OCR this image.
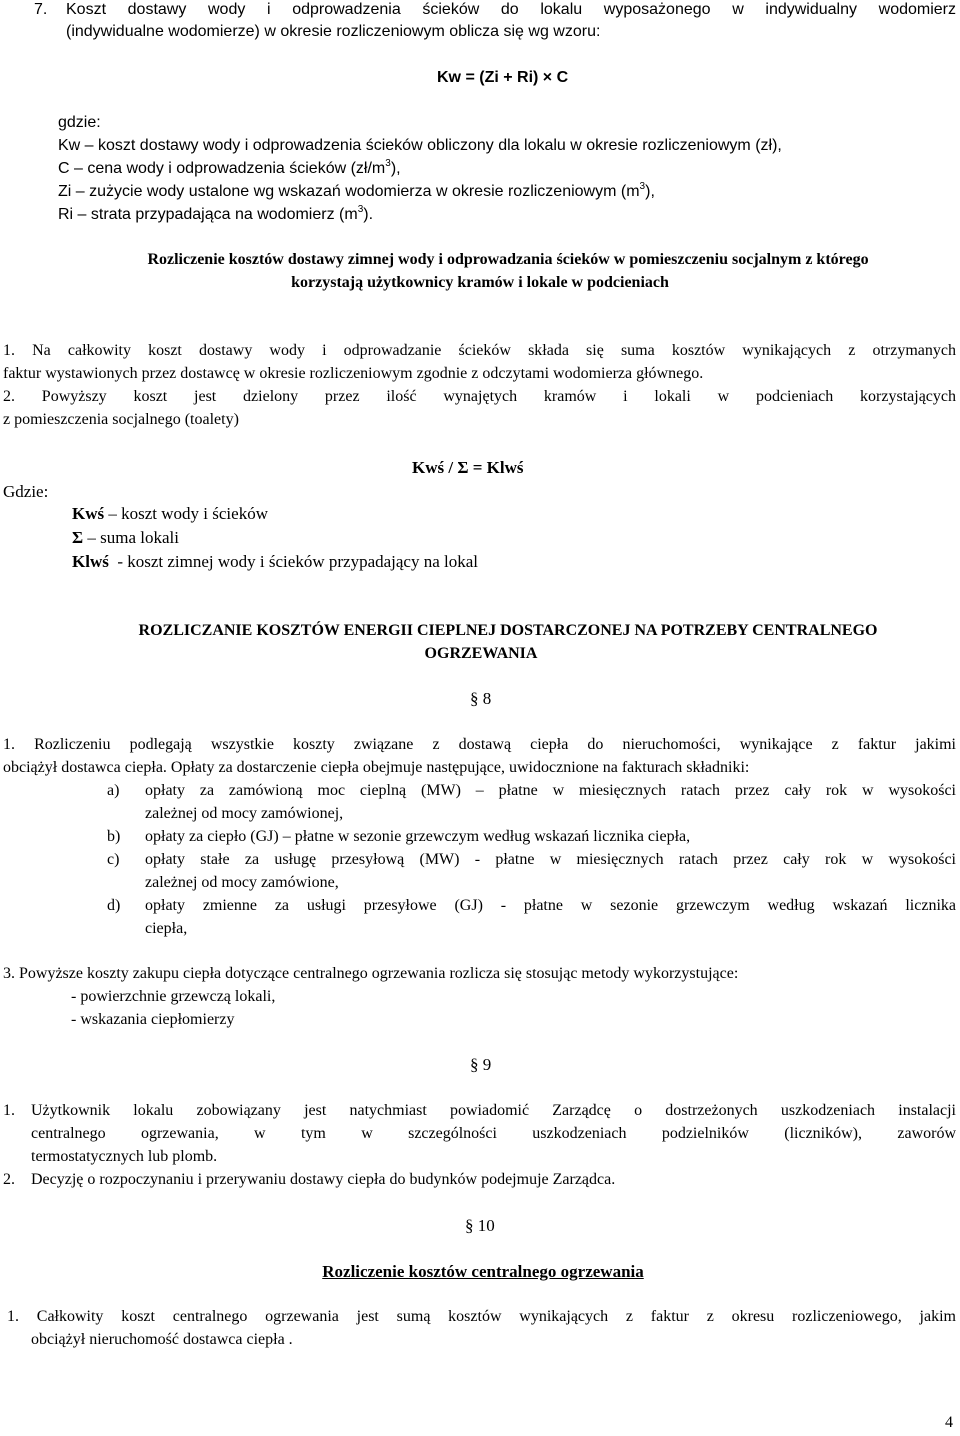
7. Koszt dostawy wody i odprowadzenia ścieków do lokalu wyposażonego w indywidualny wodomierz
(indywidualne wodomierze) w okresie rozliczeniowym oblicza się wg wzoru:
Kw = (Zi + Ri) × C
gdzie:
Kw – koszt dostawy wody i odprowadzenia ścieków obliczony dla lokalu w okresie rozliczeniowym (zł),
C – cena wody i odprowadzenia ścieków $(zł/m^3)$,
Zi – zużycie wody ustalone wg wskazań wodomierza w okresie rozliczeniowym $(m^3)$,
Ri – strata przypadająca na wodomierz $(m^3)$.
Rozliczenie kosztów dostawy zimnej wody i odprowadzania ścieków w pomieszczeniu socjalnym z którego
korzystają użytkownicy kramów i lokale w podcieniach
1. Na całkowity koszt dostawy wody i odprowadzanie ścieków składa się suma kosztów wynikających z otrzymanych
faktur wystawionych przez dostawcę w okresie rozliczeniowym zgodnie z odczytami wodomierza głównego.
2. Powyższy koszt jest dzielony przez ilość wynajętych kramów i lokali w podcieniach korzystających
z pomieszczenia socjalnego (toalety)
Kwś / Σ = Klwś
Gdzie:
Kwś – koszt wody i ścieków
Σ – suma lokali
Klwś - koszt zimnej wody i ścieków przypadający na lokal
ROZLICZANIE KOSZTÓW ENERGII CIEPLNEJ DOSTARCZONEJ NA POTRZEBY CENTRALNEGO
OGRZEWANIA
§ 8
1. Rozliczeniu podlegają wszystkie koszty związane z dostawą ciepła do nieruchomości, wynikające z faktur jakimi
obciążył dostawca ciepła. Opłaty za dostarczenie ciepła obejmuje następujące, uwidocznione na fakturach składniki:
a) opłaty za zamówioną moc cieplną (MW) – płatne w miesięcznych ratach przez cały rok w wysokości
zależnej od mocy zamówionej,
b) opłaty za ciepło (GJ) – płatne w sezonie grzewczym według wskazań licznika ciepła,
c) opłaty stałe za usługę przesyłową (MW) - płatne w miesięcznych ratach przez cały rok w wysokości
zależnej od mocy zamówione,
d) opłaty zmienne za usługi przesyłowe (GJ) - płatne w sezonie grzewczym według wskazań licznika
ciepła,
3. Powyższe koszty zakupu ciepła dotyczące centralnego ogrzewania rozlicza się stosując metody wykorzystujące:
- powierzchnie grzewczą lokali,
- wskazania ciepłomierzy
§ 9
1. Użytkownik lokalu zobowiązany jest natychmiast powiadomić Zarządcę o dostrzeżonych uszkodzeniach instalacji
centralnego ogrzewania, w tym w szczególności uszkodzeniach podzielników (liczników), zaworów
termostatycznych lub plomb.
2. Decyzję o rozpoczynaniu i przerywaniu dostawy ciepła do budynków podejmuje Zarządca.
§ 10
Rozliczenie kosztów centralnego ogrzewania
1. Całkowity koszt centralnego ogrzewania jest sumą kosztów wynikających z faktur z okresu rozliczeniowego, jakim
obciążył nieruchomość dostawca ciepła .
4
